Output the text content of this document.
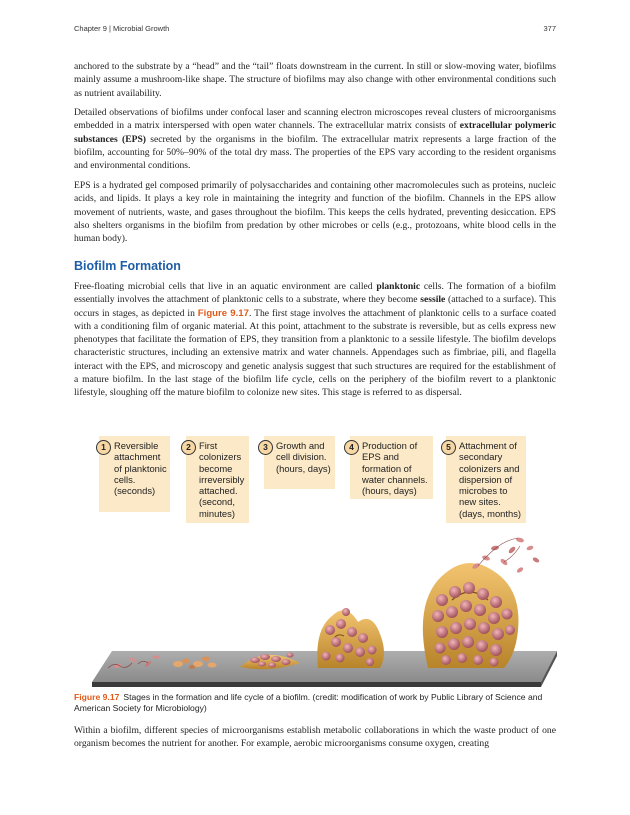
Chapter 9 | Microbial Growth	377
anchored to the substrate by a “head” and the “tail” floats downstream in the current. In still or slow-moving water, biofilms mainly assume a mushroom-like shape. The structure of biofilms may also change with other environmental conditions such as nutrient availability.
Detailed observations of biofilms under confocal laser and scanning electron microscopes reveal clusters of microorganisms embedded in a matrix interspersed with open water channels. The extracellular matrix consists of extracellular polymeric substances (EPS) secreted by the organisms in the biofilm. The extracellular matrix represents a large fraction of the biofilm, accounting for 50%–90% of the total dry mass. The properties of the EPS vary according to the resident organisms and environmental conditions.
EPS is a hydrated gel composed primarily of polysaccharides and containing other macromolecules such as proteins, nucleic acids, and lipids. It plays a key role in maintaining the integrity and function of the biofilm. Channels in the EPS allow movement of nutrients, waste, and gases throughout the biofilm. This keeps the cells hydrated, preventing desiccation. EPS also shelters organisms in the biofilm from predation by other microbes or cells (e.g., protozoans, white blood cells in the human body).
Biofilm Formation
Free-floating microbial cells that live in an aquatic environment are called planktonic cells. The formation of a biofilm essentially involves the attachment of planktonic cells to a substrate, where they become sessile (attached to a surface). This occurs in stages, as depicted in Figure 9.17. The first stage involves the attachment of planktonic cells to a surface coated with a conditioning film of organic material. At this point, attachment to the substrate is reversible, but as cells express new phenotypes that facilitate the formation of EPS, they transition from a planktonic to a sessile lifestyle. The biofilm develops characteristic structures, including an extensive matrix and water channels. Appendages such as fimbriae, pili, and flagella interact with the EPS, and microscopy and genetic analysis suggest that such structures are required for the establishment of a mature biofilm. In the last stage of the biofilm life cycle, cells on the periphery of the biofilm revert to a planktonic lifestyle, sloughing off the mature biofilm to colonize new sites. This stage is referred to as dispersal.
1 Reversible attachment of planktonic cells. (seconds)
2 First colonizers become irreversibly attached. (second, minutes)
3 Growth and cell division. (hours, days)
4 Production of EPS and formation of water channels. (hours, days)
5 Attachment of secondary colonizers and dispersion of microbes to new sites. (days, months)
Figure 9.17 Stages in the formation and life cycle of a biofilm. (credit: modification of work by Public Library of Science and American Society for Microbiology)
Within a biofilm, different species of microorganisms establish metabolic collaborations in which the waste product of one organism becomes the nutrient for another. For example, aerobic microorganisms consume oxygen, creating
